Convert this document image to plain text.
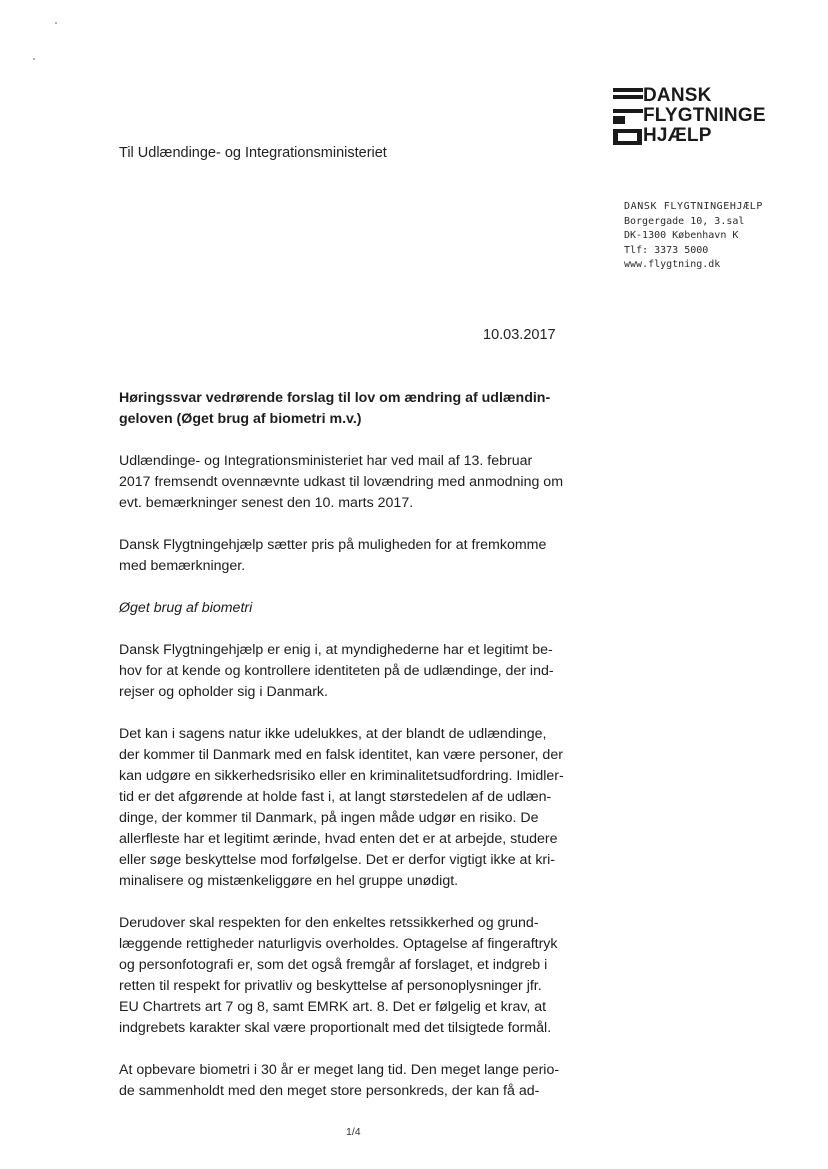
DANSK
FLYGTNINGE
HJÆLP
Til Udlændinge- og Integrationsministeriet
DANSK FLYGTNINGEHJÆLP
Borgergade 10, 3.sal
DK-1300 København K
Tlf: 3373 5000
www.flygtning.dk
10.03.2017

Høringssvar vedrørende forslag til lov om ændring af udlændin-
geloven (Øget brug af biometri m.v.)

Udlændinge- og Integrationsministeriet har ved mail af 13. februar
2017 fremsendt ovennævnte udkast til lovændring med anmodning om
evt. bemærkninger senest den 10. marts 2017.

Dansk Flygtningehjælp sætter pris på muligheden for at fremkomme
med bemærkninger.

Øget brug af biometri

Dansk Flygtningehjælp er enig i, at myndighederne har et legitimt be-
hov for at kende og kontrollere identiteten på de udlændinge, der ind-
rejser og opholder sig i Danmark.

Det kan i sagens natur ikke udelukkes, at der blandt de udlændinge,
der kommer til Danmark med en falsk identitet, kan være personer, der
kan udgøre en sikkerhedsrisiko eller en kriminalitetsudfordring. Imidler-
tid er det afgørende at holde fast i, at langt størstedelen af de udlæn-
dinge, der kommer til Danmark, på ingen måde udgør en risiko. De
allerfleste har et legitimt ærinde, hvad enten det er at arbejde, studere
eller søge beskyttelse mod forfølgelse. Det er derfor vigtigt ikke at kri-
minalisere og mistænkeliggøre en hel gruppe unødigt.

Derudover skal respekten for den enkeltes retssikkerhed og grund-
læggende rettigheder naturligvis overholdes. Optagelse af fingeraftryk
og personfotografi er, som det også fremgår af forslaget, et indgreb i
retten til respekt for privatliv og beskyttelse af personoplysninger jfr.
EU Chartrets art 7 og 8, samt EMRK art. 8. Det er følgelig et krav, at
indgrebets karakter skal være proportionalt med det tilsigtede formål.

At opbevare biometri i 30 år er meget lang tid. Den meget lange perio-
de sammenholdt med den meget store personkreds, der kan få ad-

1/4
